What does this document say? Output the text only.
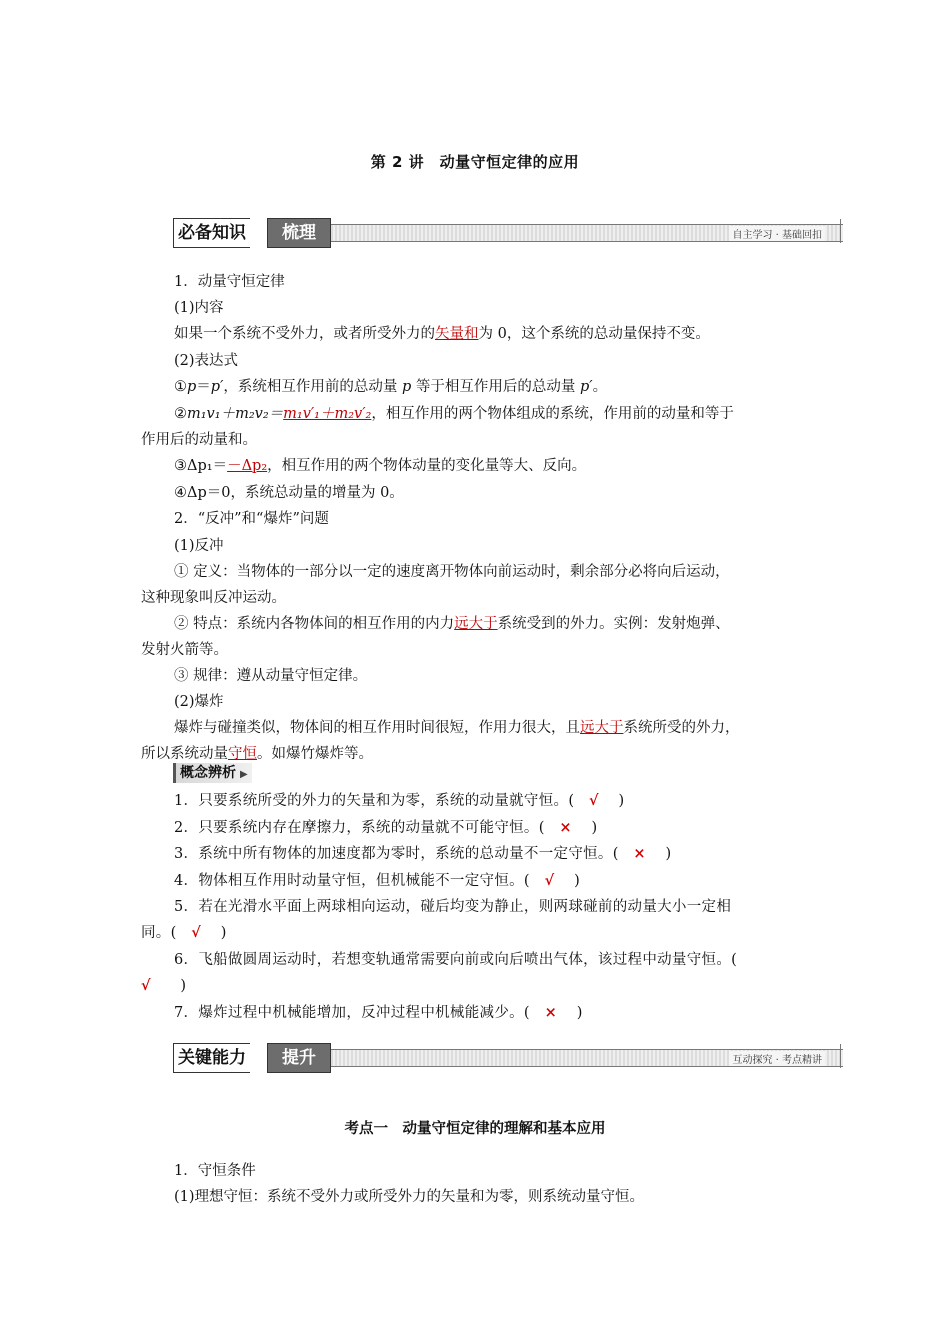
第 2 讲　动量守恒定律的应用
必备知识	梳理	自主学习 · 基础回扣
1．动量守恒定律
(1)内容
如果一个系统不受外力，或者所受外力的矢量和为 0，这个系统的总动量保持不变。
(2)表达式
①p＝p′，系统相互作用前的总动量 p 等于相互作用后的总动量 p′。
②m₁v₁＋m₂v₂＝m₁v′₁＋m₂v′₂，相互作用的两个物体组成的系统，作用前的动量和等于
作用后的动量和。
③Δp₁＝－Δp₂，相互作用的两个物体动量的变化量等大、反向。
④Δp＝0，系统总动量的增量为 0。
2．“反冲”和“爆炸”问题
(1)反冲
① 定义：当物体的一部分以一定的速度离开物体向前运动时，剩余部分必将向后运动，
这种现象叫反冲运动。
② 特点：系统内各物体间的相互作用的内力远大于系统受到的外力。实例：发射炮弹、
发射火箭等。
③ 规律：遵从动量守恒定律。
(2)爆炸
爆炸与碰撞类似，物体间的相互作用时间很短，作用力很大，且远大于系统所受的外力，
所以系统动量守恒。如爆竹爆炸等。
概念辨析 ▶
1．只要系统所受的外力的矢量和为零，系统的动量就守恒。( √ )
2．只要系统内存在摩擦力，系统的动量就不可能守恒。( × )
3．系统中所有物体的加速度都为零时，系统的总动量不一定守恒。( × )
4．物体相互作用时动量守恒，但机械能不一定守恒。( √ )
5．若在光滑水平面上两球相向运动，碰后均变为静止，则两球碰前的动量大小一定相
同。( √ )
6．飞船做圆周运动时，若想变轨通常需要向前或向后喷出气体，该过程中动量守恒。(
√ )
7．爆炸过程中机械能增加，反冲过程中机械能减少。( × )
关键能力	提升	互动探究 · 考点精讲
考点一　动量守恒定律的理解和基本应用
1．守恒条件
(1)理想守恒：系统不受外力或所受外力的矢量和为零，则系统动量守恒。
